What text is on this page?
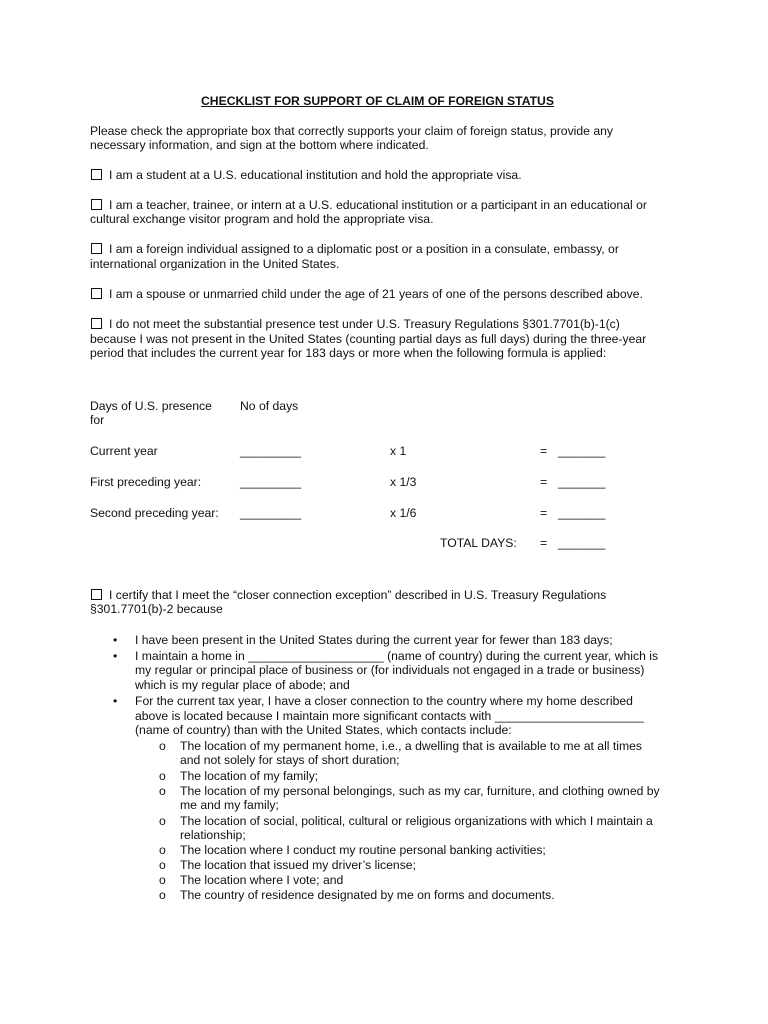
CHECKLIST FOR SUPPORT OF CLAIM OF FOREIGN STATUS
Please check the appropriate box that correctly supports your claim of foreign status, provide any
necessary information, and sign at the bottom where indicated.
I am a student at a U.S. educational institution and hold the appropriate visa.
I am a teacher, trainee, or intern at a U.S. educational institution or a participant in an educational or
cultural exchange visitor program and hold the appropriate visa.
I am a foreign individual assigned to a diplomatic post or a position in a consulate, embassy, or
international organization in the United States.
I am a spouse or unmarried child under the age of 21 years of one of the persons described above.
I do not meet the substantial presence test under U.S. Treasury Regulations §301.7701(b)-1(c)
because I was not present in the United States (counting partial days as full days) during the three-year
period that includes the current year for 183 days or more when the following formula is applied:
Days of U.S. presence
for
No of days
Current year	_________	x 1	= _______
First preceding year:	_________	x 1/3	= _______
Second preceding year: _________	x 1/6	= _______
TOTAL DAYS: = _______
I certify that I meet the “closer connection exception” described in U.S. Treasury Regulations
§301.7701(b)-2 because
• I have been present in the United States during the current year for fewer than 183 days;
• I maintain a home in ____________________ (name of country) during the current year, which is
my regular or principal place of business or (for individuals not engaged in a trade or business)
which is my regular place of abode; and
• For the current tax year, I have a closer connection to the country where my home described
above is located because I maintain more significant contacts with ______________________
(name of country) than with the United States, which contacts include:
o The location of my permanent home, i.e., a dwelling that is available to me at all times
and not solely for stays of short duration;
o The location of my family;
o The location of my personal belongings, such as my car, furniture, and clothing owned by
me and my family;
o The location of social, political, cultural or religious organizations with which I maintain a
relationship;
o The location where I conduct my routine personal banking activities;
o The location that issued my driver’s license;
o The location where I vote; and
o The country of residence designated by me on forms and documents.
